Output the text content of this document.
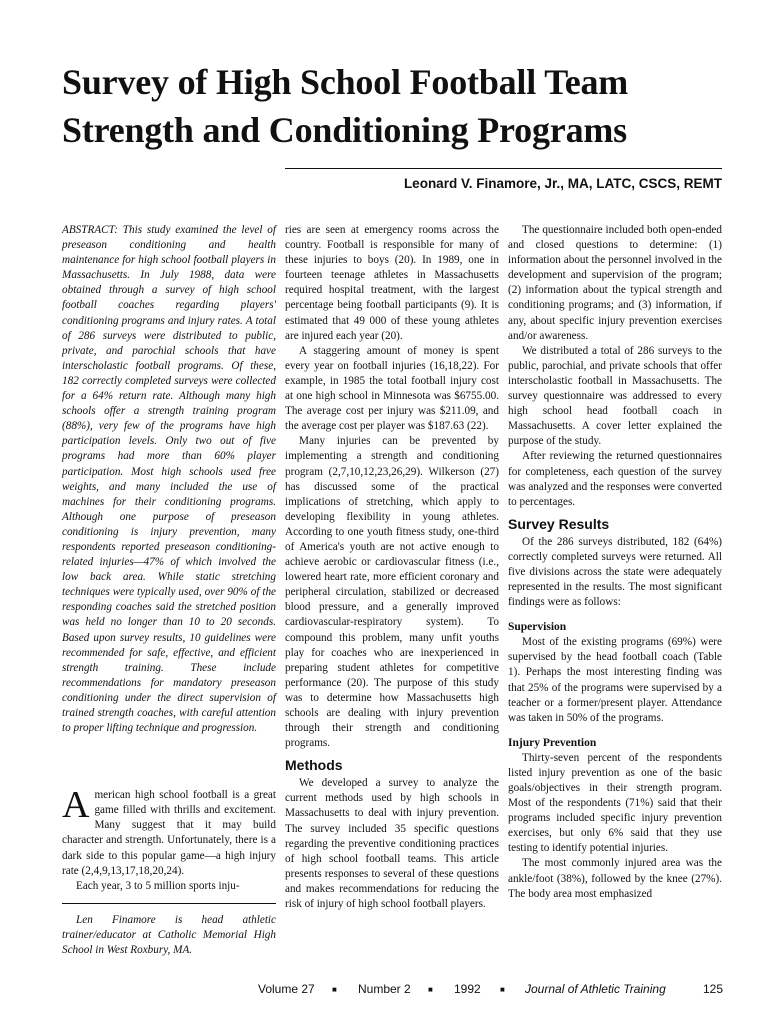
Survey of High School Football Team
Strength and Conditioning Programs
Leonard V. Finamore, Jr., MA, LATC, CSCS, REMT

ABSTRACT: This study examined the level of preseason conditioning and health maintenance for high school football players in Massachusetts. In July 1988, data were obtained through a survey of high school football coaches regarding players' conditioning programs and injury rates. A total of 286 surveys were distributed to public, private, and parochial schools that have interscholastic football programs. Of these, 182 correctly completed surveys were collected for a 64% return rate. Although many high schools offer a strength training program (88%), very few of the programs have high participation levels. Only two out of five programs had more than 60% player participation. Most high schools used free weights, and many included the use of machines for their conditioning programs. Although one purpose of preseason conditioning is injury prevention, many respondents reported preseason conditioning-related injuries—47% of which involved the low back area. While static stretching techniques were typically used, over 90% of the responding coaches said the stretched position was held no longer than 10 to 20 seconds. Based upon survey results, 10 guidelines were recommended for safe, effective, and efficient strength training. These include recommendations for mandatory preseason conditioning under the direct supervision of trained strength coaches, with careful attention to proper lifting technique and progression.

American high school football is a great game filled with thrills and excitement. Many suggest that it may build character and strength. Unfortunately, there is a dark side to this popular game—a high injury rate (2,4,9,13,17,18,20,24).

Each year, 3 to 5 million sports inju-

Len Finamore is head athletic trainer/educator at Catholic Memorial High School in West Roxbury, MA.

ries are seen at emergency rooms across the country. Football is responsible for many of these injuries to boys (20). In 1989, one in fourteen teenage athletes in Massachusetts required hospital treatment, with the largest percentage being football participants (9). It is estimated that 49 000 of these young athletes are injured each year (20).

A staggering amount of money is spent every year on football injuries (16,18,22). For example, in 1985 the total football injury cost at one high school in Minnesota was $6755.00. The average cost per injury was $211.09, and the average cost per player was $187.63 (22).

Many injuries can be prevented by implementing a strength and conditioning program (2,7,10,12,23,26,29). Wilkerson (27) has discussed some of the practical implications of stretching, which apply to developing flexibility in young athletes. According to one youth fitness study, one-third of America's youth are not active enough to achieve aerobic or cardiovascular fitness (i.e., lowered heart rate, more efficient coronary and peripheral circulation, stabilized or decreased blood pressure, and a generally improved cardiovascular-respiratory system). To compound this problem, many unfit youths play for coaches who are inexperienced in preparing student athletes for competitive performance (20). The purpose of this study was to determine how Massachusetts high schools are dealing with injury prevention through their strength and conditioning programs.

Methods

We developed a survey to analyze the current methods used by high schools in Massachusetts to deal with injury prevention. The survey included 35 specific questions regarding the preventive conditioning practices of high school football teams. This article presents responses to several of these questions and makes recommendations for reducing the risk of injury of high school football players.

The questionnaire included both open-ended and closed questions to determine: (1) information about the personnel involved in the development and supervision of the program; (2) information about the typical strength and conditioning programs; and (3) information, if any, about specific injury prevention exercises and/or awareness.

We distributed a total of 286 surveys to the public, parochial, and private schools that offer interscholastic football in Massachusetts. The survey questionnaire was addressed to every high school head football coach in Massachusetts. A cover letter explained the purpose of the study.

After reviewing the returned questionnaires for completeness, each question of the survey was analyzed and the responses were converted to percentages.

Survey Results

Of the 286 surveys distributed, 182 (64%) correctly completed surveys were returned. All five divisions across the state were adequately represented in the results. The most significant findings were as follows:

Supervision

Most of the existing programs (69%) were supervised by the head football coach (Table 1). Perhaps the most interesting finding was that 25% of the programs were supervised by a teacher or a former/present player. Attendance was taken in 50% of the programs.

Injury Prevention

Thirty-seven percent of the respondents listed injury prevention as one of the basic goals/objectives in their strength program. Most of the respondents (71%) said that their programs included specific injury prevention exercises, but only 6% said that they use testing to identify potential injuries.

The most commonly injured area was the ankle/foot (38%), followed by the knee (27%). The body area most emphasized

Volume 27 ■ Number 2 ■ 1992 ■ Journal of Athletic Training	125
